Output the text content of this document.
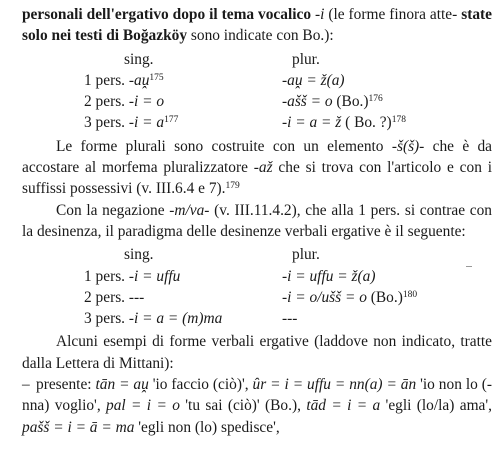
personali dell'ergativo dopo il tema vocalico -i (le forme finora atte- state solo nei testi di Boğazköy sono indicate con Bo.):

sing.	plur.
1 pers. -aṷ$^{175}$	-aṷ = ž(a)
2 pers. -i = o	-ašš = o $(Bo.)^{176}$
3 pers. $-i = a^{177}$	-i = a = ž ( Bo. ?)$^{178}$

Le forme plurali sono costruite con un elemento -š(š)- che è da accostare al morfema pluralizzatore -až che si trova con l'articolo e con i suffissi possessivi (v. III.6.4 e 7).$^{179}$

Con la negazione -m/va- (v. III.11.4.2), che alla 1 pers. si contrae con la desinenza, il paradigma delle desinenze verbali ergative è il seguente:

sing.	plur.
1 pers. -i = uffu	-i = uffu = ž(a)
2 pers. ---	-i = o/ušš = o $(Bo.)^{180}$
3 pers. -i = a = (m)ma	---

Alcuni esempi di forme verbali ergative (laddove non indicato, tratte dalla Lettera di Mittani):

– presente: tān = aṷ 'io faccio (ciò)', ûr = i = uffu = nn(a) = ān 'io non lo (-nna) voglio', pal = i = o 'tu sai (ciò)' (Bo.), tād = i = a 'egli (lo/la) ama', pašš = i = ā = ma 'egli non (lo) spedisce',
